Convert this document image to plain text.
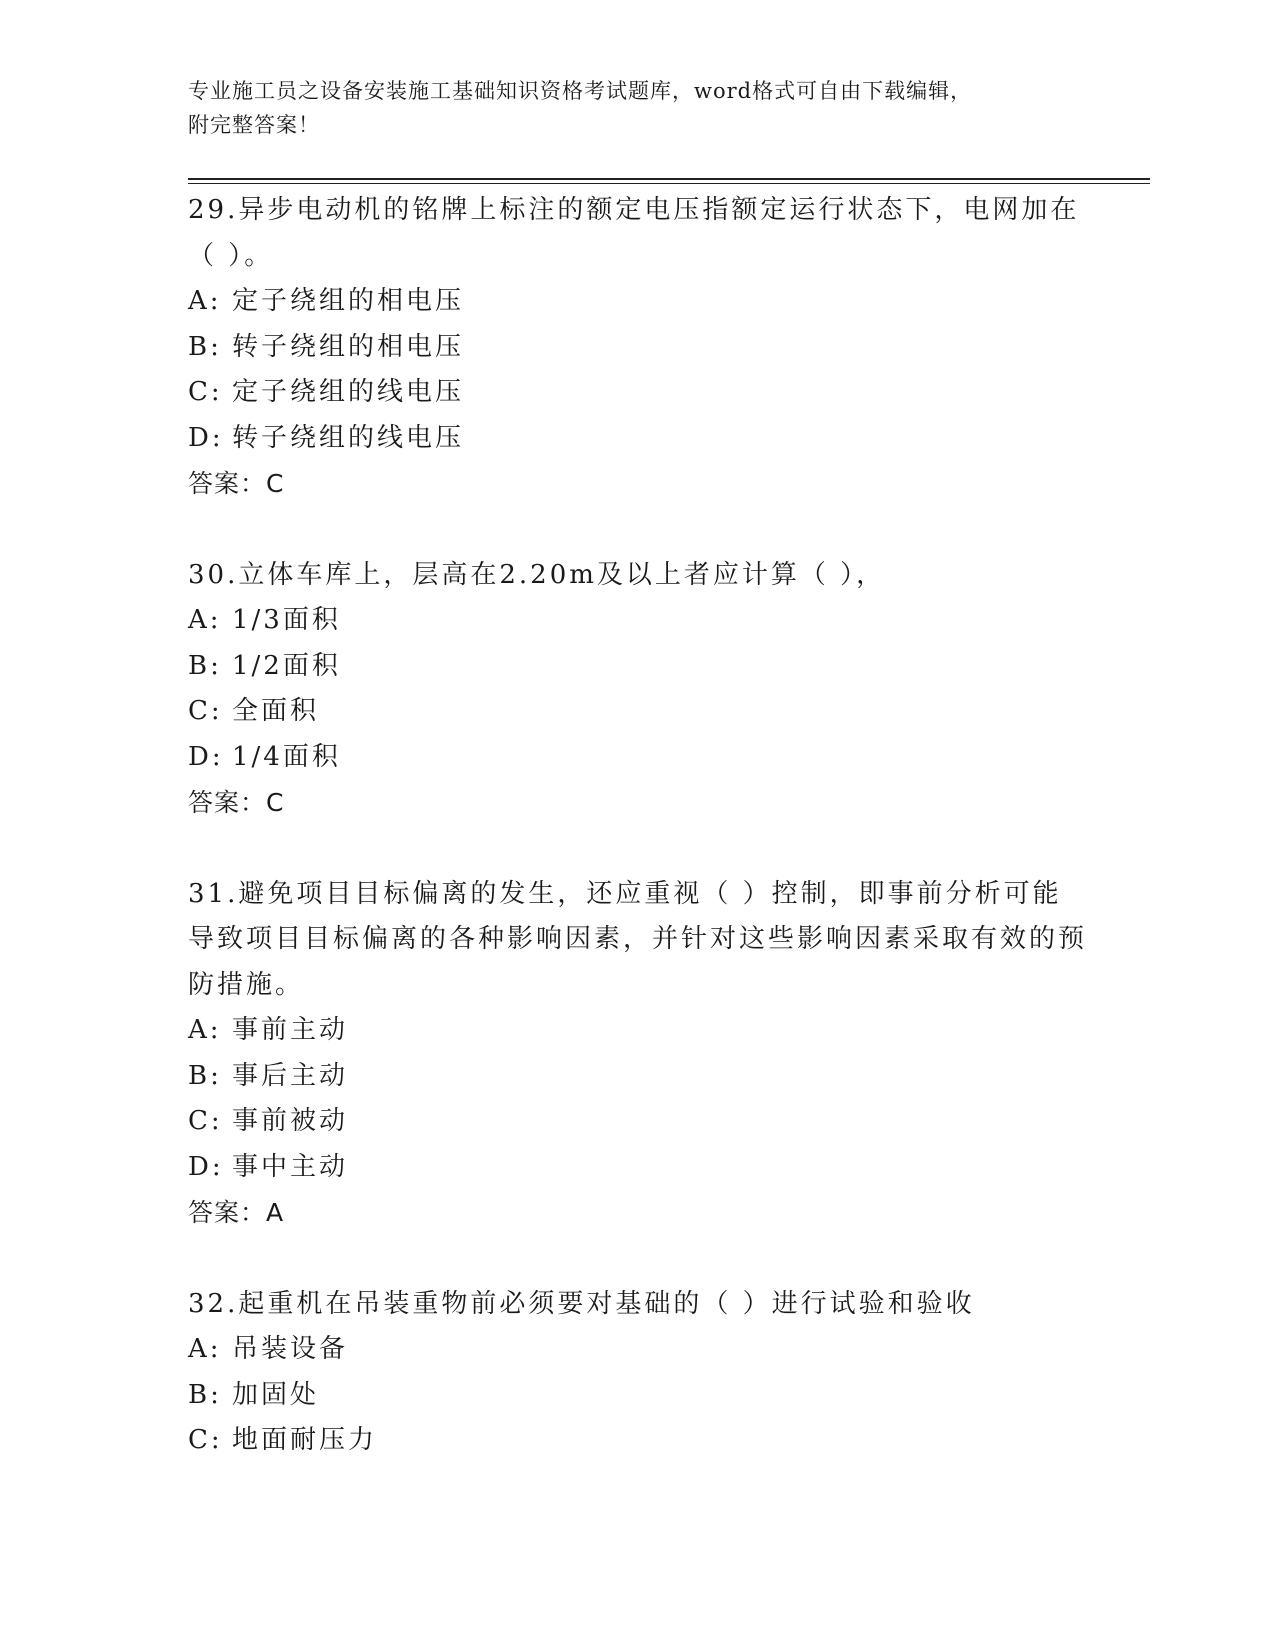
专业施工员之设备安装施工基础知识资格考试题库，word格式可自由下载编辑，
附完整答案！
29.异步电动机的铭牌上标注的额定电压指额定运行状态下，电网加在（ ）。
A: 定子绕组的相电压
B: 转子绕组的相电压
C: 定子绕组的线电压
D: 转子绕组的线电压
答案：C
30.立体车库上，层高在2.20m及以上者应计算（ ），
A: 1/3面积
B: 1/2面积
C: 全面积
D: 1/4面积
答案：C
31.避免项目目标偏离的发生，还应重视（ ）控制，即事前分析可能导致项目目标偏离的各种影响因素，并针对这些影响因素采取有效的预防措施。
A: 事前主动
B: 事后主动
C: 事前被动
D: 事中主动
答案：A
32.起重机在吊装重物前必须要对基础的（ ）进行试验和验收
A: 吊装设备
B: 加固处
C: 地面耐压力
